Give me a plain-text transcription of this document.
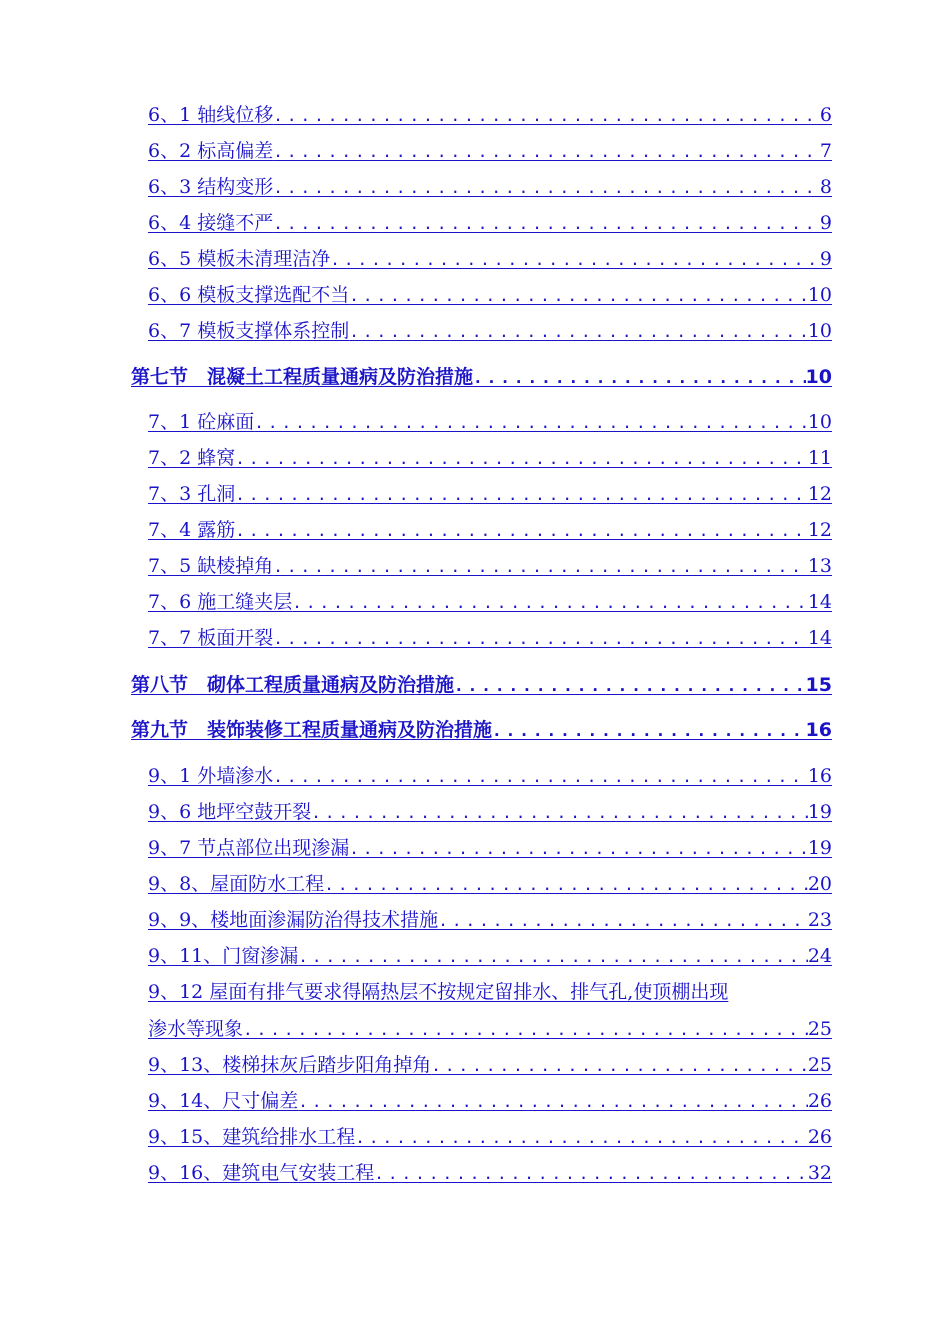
6、1 轴线位移 .....	6
6、2 标高偏差 .....	7
6、3 结构变形 .....	8
6、4 接缝不严 .....	9
6、5 模板未清理洁净 .....	9
6、6 模板支撑选配不当 .....	10
6、7 模板支撑体系控制 .....	10
第七节　混凝土工程质量通病及防治措施 .....	10
7、1 砼麻面 .....	10
7、2 蜂窝 .....	11
7、3 孔洞 .....	12
7、4 露筋 .....	12
7、5 缺棱掉角 .....	13
7、6 施工缝夹层 .....	14
7、7 板面开裂 .....	14
第八节　砌体工程质量通病及防治措施 .....	15
第九节　装饰装修工程质量通病及防治措施 .....	16
9、1 外墙渗水 .....	16
9、6 地坪空鼓开裂 .....	19
9、7 节点部位出现渗漏 .....	19
9、8、屋面防水工程 .....	20
9、9、楼地面渗漏防治得技术措施 .....	23
9、11、门窗渗漏 .....	24
9、12 屋面有排气要求得隔热层不按规定留排水、排气孔,使顶棚出现
渗水等现象 .....	25
9、13、楼梯抹灰后踏步阳角掉角 .....	25
9、14、尺寸偏差 .....	26
9、15、建筑给排水工程 .....	26
9、16、建筑电气安装工程 .....	32
